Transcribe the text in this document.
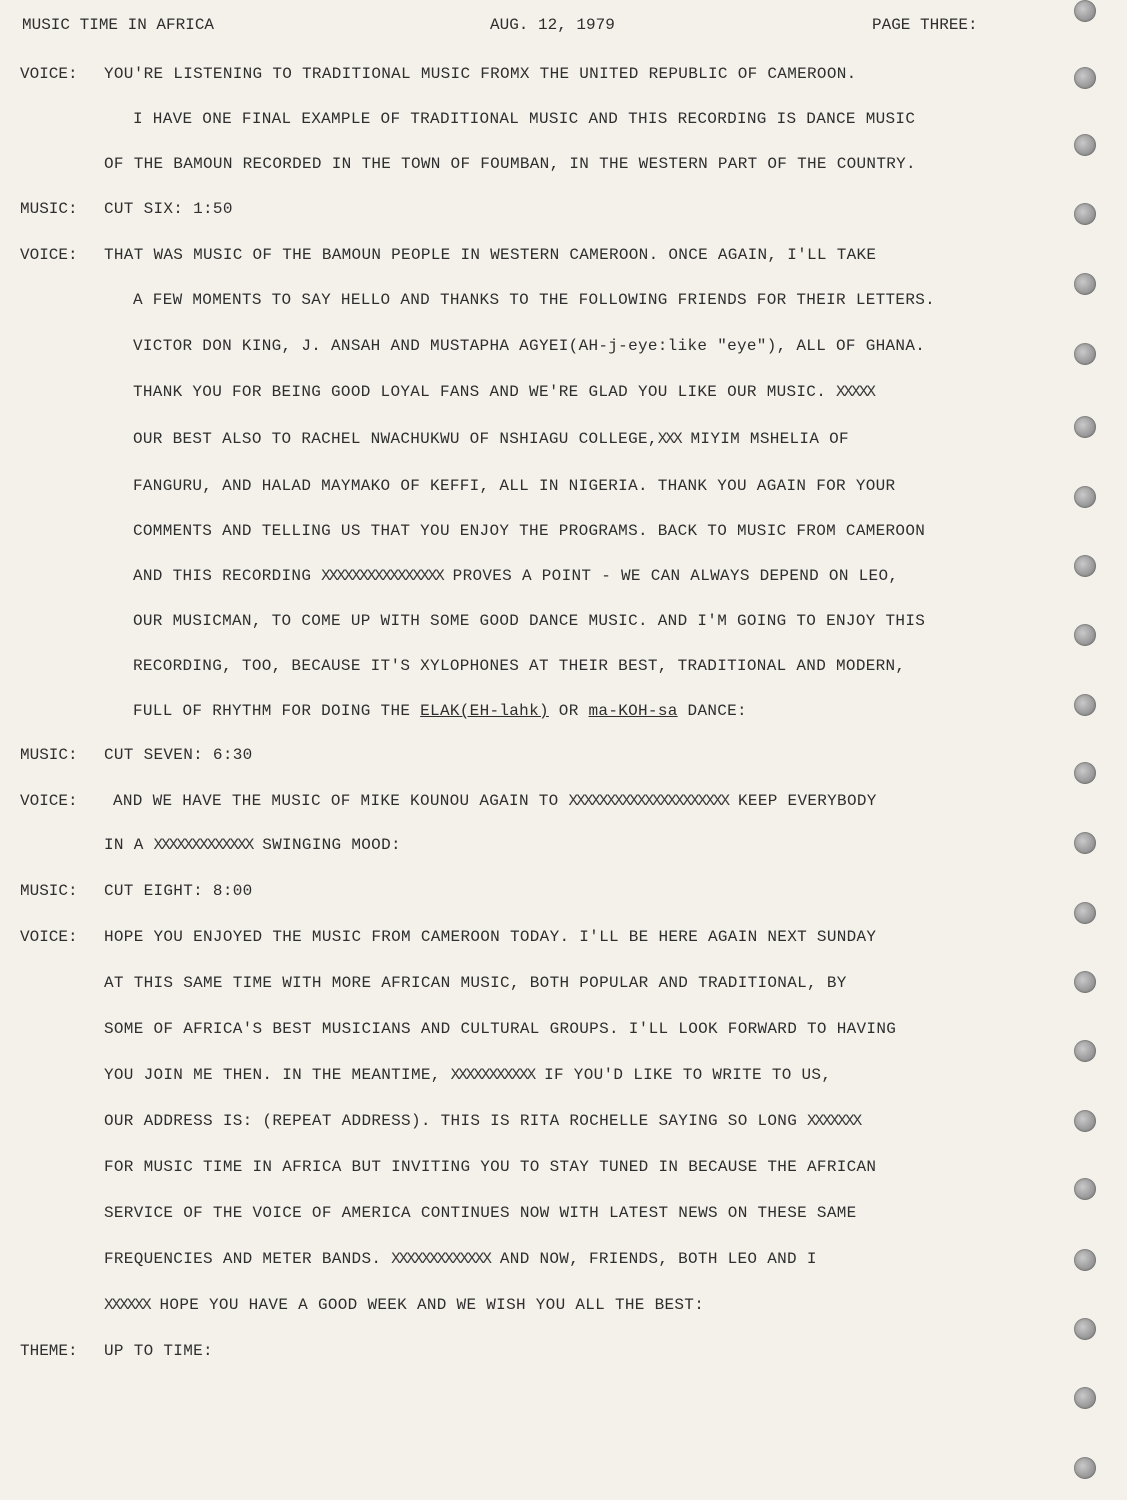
MUSIC TIME IN AFRICA	AUG. 12, 1979	PAGE THREE:
VOICE:
MUSIC:
VOICE:
MUSIC:
VOICE:
MUSIC:
VOICE:
THEME:
YOU'RE LISTENING TO TRADITIONAL MUSIC FROMX THE UNITED REPUBLIC OF CAMEROON.
I HAVE ONE FINAL EXAMPLE OF TRADITIONAL MUSIC AND THIS RECORDING IS DANCE MUSIC
OF THE BAMOUN RECORDED IN THE TOWN OF FOUMBAN, IN THE WESTERN PART OF THE COUNTRY.
CUT SIX: 1:50
THAT WAS MUSIC OF THE BAMOUN PEOPLE IN WESTERN CAMEROON. ONCE AGAIN, I'LL TAKE
A FEW MOMENTS TO SAY HELLO AND THANKS TO THE FOLLOWING FRIENDS FOR THEIR LETTERS.
VICTOR DON KING, J. ANSAH AND MUSTAPHA AGYEI(AH-j-eye:like "eye"), ALL OF GHANA.
THANK YOU FOR BEING GOOD LOYAL FANS AND WE'RE GLAD YOU LIKE OUR MUSIC. XXXXX
OUR BEST ALSO TO RACHEL NWACHUKWU OF NSHIAGU COLLEGE,XXX MIYIM MSHELIA OF
FANGURU, AND HALAD MAYMAKO OF KEFFI, ALL IN NIGERIA. THANK YOU AGAIN FOR YOUR
COMMENTS AND TELLING US THAT YOU ENJOY THE PROGRAMS. BACK TO MUSIC FROM CAMEROON
AND THIS RECORDING XXXXXXXXXXXXXXXX PROVES A POINT - WE CAN ALWAYS DEPEND ON LEO,
OUR MUSICMAN, TO COME UP WITH SOME GOOD DANCE MUSIC. AND I'M GOING TO ENJOY THIS
RECORDING, TOO, BECAUSE IT'S XYLOPHONES AT THEIR BEST, TRADITIONAL AND MODERN,
FULL OF RHYTHM FOR DOING THE ELAK(EH-lahk) OR ma-KOH-sa DANCE:
CUT SEVEN: 6:30
AND WE HAVE THE MUSIC OF MIKE KOUNOU AGAIN TO XXXXXXXXXXXXXXXXXXXXX KEEP EVERYBODY
IN A XXXXXXXXXXXXX SWINGING MOOD:
CUT EIGHT: 8:00
HOPE YOU ENJOYED THE MUSIC FROM CAMEROON TODAY. I'LL BE HERE AGAIN NEXT SUNDAY
AT THIS SAME TIME WITH MORE AFRICAN MUSIC, BOTH POPULAR AND TRADITIONAL, BY
SOME OF AFRICA'S BEST MUSICIANS AND CULTURAL GROUPS. I'LL LOOK FORWARD TO HAVING
YOU JOIN ME THEN. IN THE MEANTIME, XXXXXXXXXXX IF YOU'D LIKE TO WRITE TO US,
OUR ADDRESS IS: (REPEAT ADDRESS). THIS IS RITA ROCHELLE SAYING SO LONG XXXXXXX
FOR MUSIC TIME IN AFRICA BUT INVITING YOU TO STAY TUNED IN BECAUSE THE AFRICAN
SERVICE OF THE VOICE OF AMERICA CONTINUES NOW WITH LATEST NEWS ON THESE SAME
FREQUENCIES AND METER BANDS. XXXXXXXXXXXXX AND NOW, FRIENDS, BOTH LEO AND I
XXXXXX HOPE YOU HAVE A GOOD WEEK AND WE WISH YOU ALL THE BEST:
UP TO TIME:
